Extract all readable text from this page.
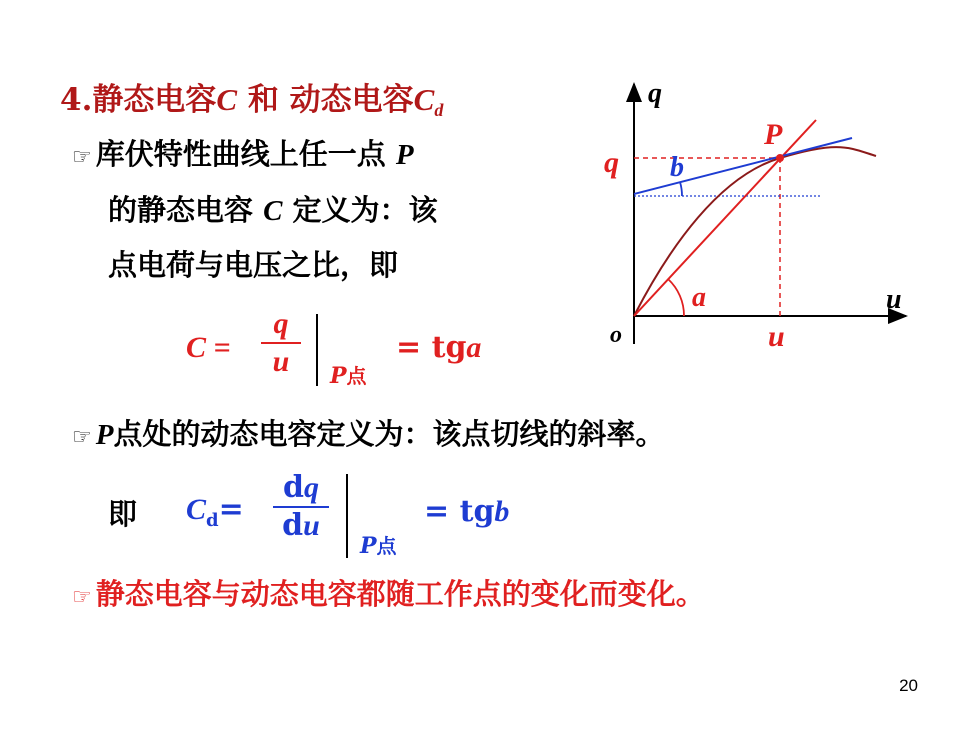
4.静态电容C 和 动态电容$C_d$
☞ 库伏特性曲线上任一点 P
的静态电容 C 定义为：该
点电荷与电压之比，即
C =
q
u	P点
= tga
☞ P点处的动态电容定义为：该点切线的斜率。
即 $C_d=$
dq
du
P点
= tgb
☞ 静态电容与动态电容都随工作点的变化而变化。
q
u
o
q
u
P
a
b
20
